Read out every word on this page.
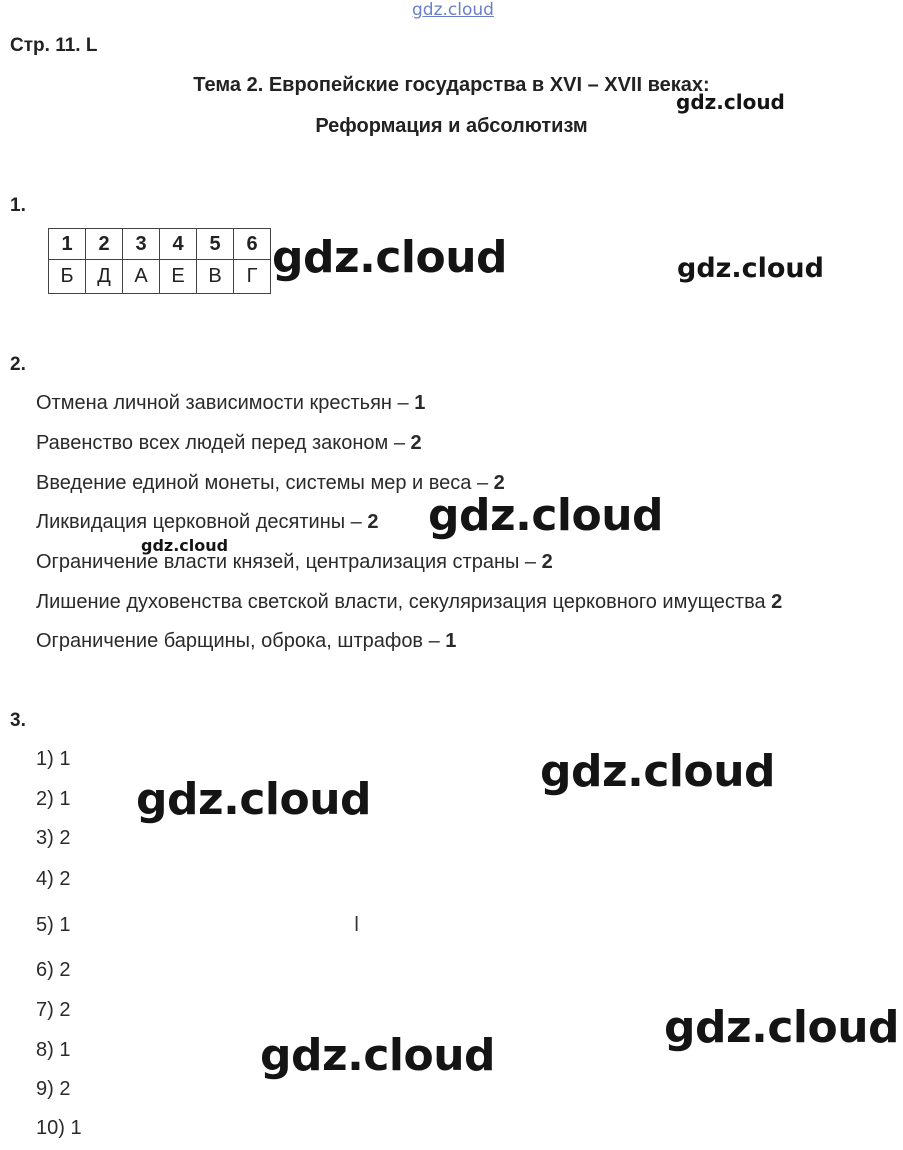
gdz.cloud
Стр. 11. L
Тема 2. Европейские государства в XVI – XVII веках:
gdz.cloud
Реформация и абсолютизм
1.
1	2	3	4	5	6
Б	Д	А	Е	В	Г gdz.cloud	gdz.cloud
2.
Отмена личной зависимости крестьян – 1
Равенство всех людей перед законом – 2
Введение единой монеты, системы мер и веса – 2
Ликвидация церковной десятины – 2 gdz.cloud
gdz.cloud
Ограничение власти князей, централизация страны – 2
Лишение духовенства светской власти, секуляризация церковного имущества 2
Ограничение барщины, оброка, штрафов – 1
3.
1) 1
2) 1
3) 2
4) 2
5) 1
6) 2
7) 2
8) 1
9) 2
10) 1
ǀ
gdz.cloud
gdz.cloud
gdz.cloud
gdz.cloud
